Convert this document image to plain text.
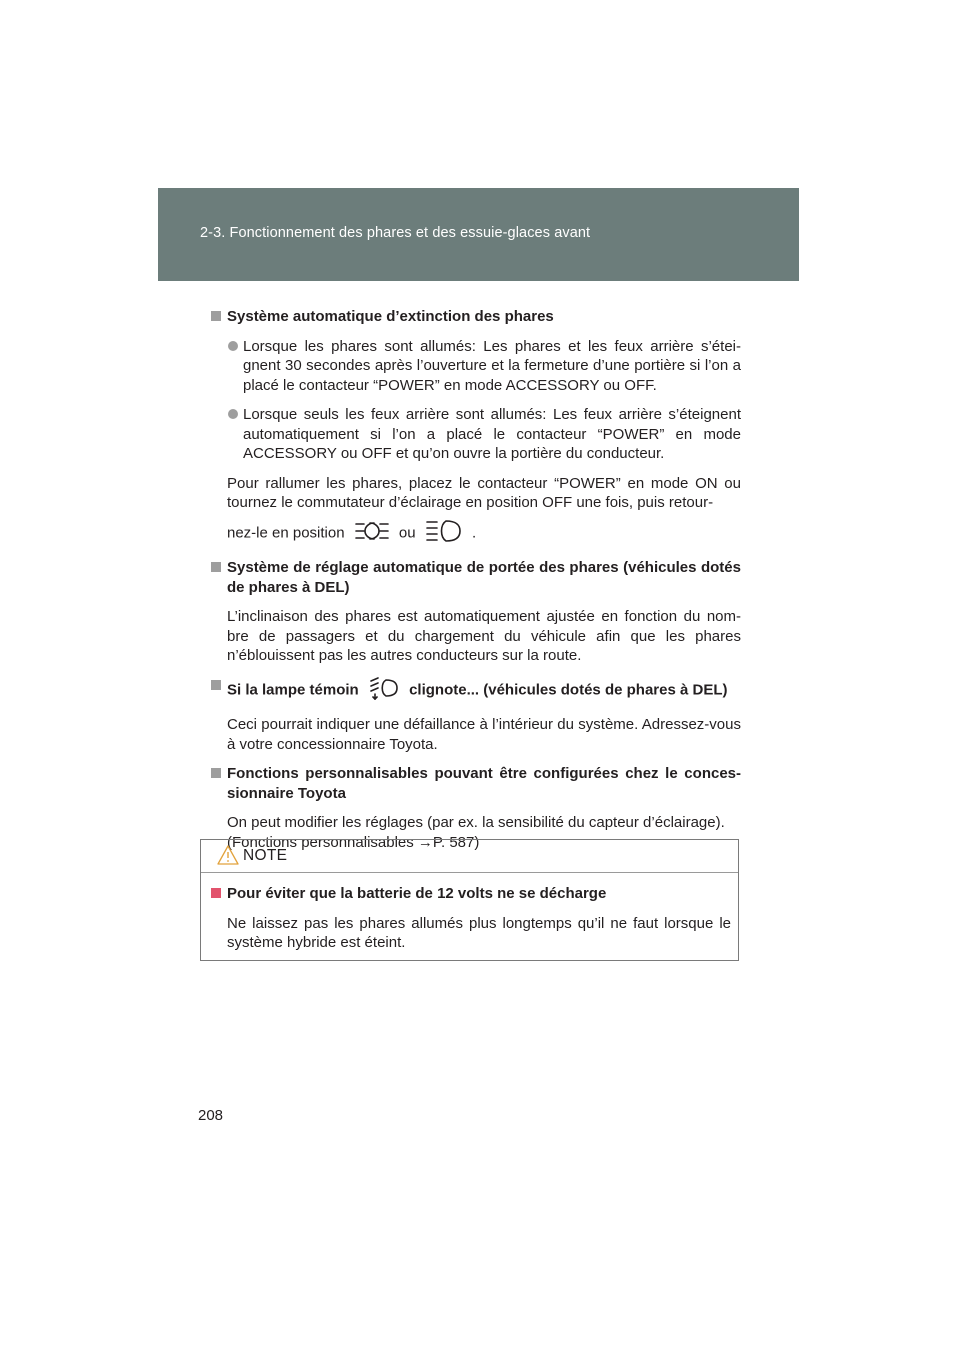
2-3. Fonctionnement des phares et des essuie-glaces avant
Système automatique d’extinction des phares
Lorsque les phares sont allumés: Les phares et les feux arrière s’étei-gnent 30 secondes après l’ouverture et la fermeture d’une portière si l’on a placé le contacteur “POWER” en mode ACCESSORY ou OFF.
Lorsque seuls les feux arrière sont allumés: Les feux arrière s’éteignent automatiquement si l’on a placé le contacteur “POWER” en mode ACCESSORY ou OFF et qu’on ouvre la portière du conducteur.
Pour rallumer les phares, placez le contacteur “POWER” en mode ON ou tournez le commutateur d’éclairage en position OFF une fois, puis retour-
nez-le en position	ou	.
Système de réglage automatique de portée des phares (véhicules dotés de phares à DEL)
L’inclinaison des phares est automatiquement ajustée en fonction du nom-bre de passagers et du chargement du véhicule afin que les phares n’éblouissent pas les autres conducteurs sur la route.
Si la lampe témoin	clignote... (véhicules dotés de phares à DEL)
Ceci pourrait indiquer une défaillance à l’intérieur du système. Adressez-vous à votre concessionnaire Toyota.
Fonctions personnalisables pouvant être configurées chez le conces-sionnaire Toyota
On peut modifier les réglages (par ex. la sensibilité du capteur d’éclairage).
(Fonctions personnalisables →P. 587)
NOTE
Pour éviter que la batterie de 12 volts ne se décharge
Ne laissez pas les phares allumés plus longtemps qu’il ne faut lorsque le système hybride est éteint.
208
